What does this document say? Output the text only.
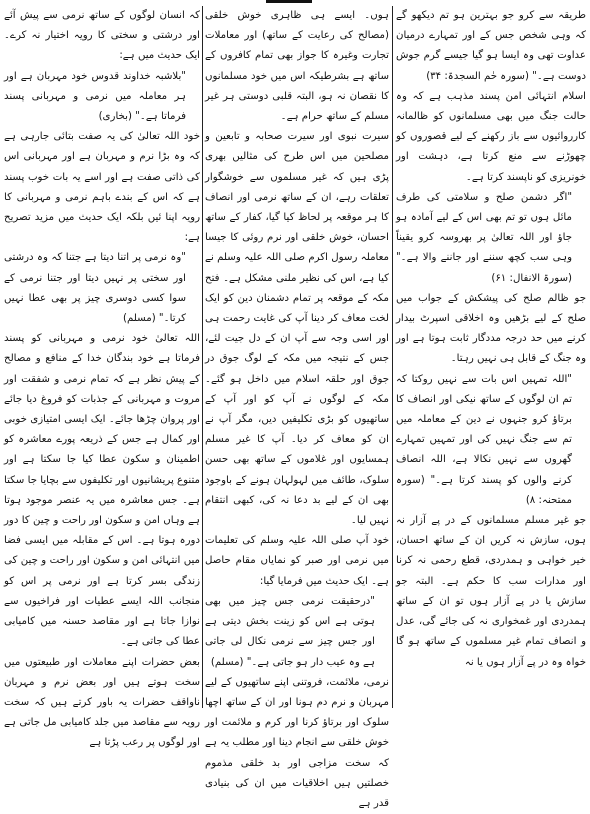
طریقہ سے کرو جو بہترین ہو تم دیکھو گے کہ وہی شخص جس کے اور تمہارے درمیان عداوت تھی وہ ایسا ہو گیا جیسے گرم جوش دوست ہے۔" (سورہ حٰم السجدۃ: ۳۴)

اسلام انتہائی امن پسند مذہب ہے کہ وہ حالت جنگ میں بھی مسلمانوں کو ظالمانہ کارروائیوں سے باز رکھنے کے لیے قصوروں کو چھوڑنے سے منع کرتا ہے، دہشت اور خونریزی کو ناپسند کرتا ہے۔

"اگر دشمن صلح و سلامتی کی طرف مائل ہوں تو تم بھی اس کے لیے آمادہ ہو جاؤ اور اللہ تعالیٰ پر بھروسہ کرو یقیناً وہی سب کچھ سننے اور جاننے والا ہے۔" (سورۃ الانفال: ۶۱)

جو ظالم صلح کی پیشکش کے جواب میں صلح کے لیے بڑھیں وہ اخلاقی اسپرٹ بیدار کرنے میں حد درجہ مددگار ثابت ہوتا ہے اور وہ جنگ کے قابل ہی نہیں رہتا۔

"اللہ تمہیں اس بات سے نہیں روکتا کہ تم ان لوگوں کے ساتھ نیکی اور انصاف کا برتاؤ کرو جنہوں نے دین کے معاملہ میں تم سے جنگ نہیں کی اور تمہیں تمہارے گھروں سے نہیں نکالا ہے، اللہ انصاف کرنے والوں کو پسند کرتا ہے۔" (سورہ ممتحنہ: ۸)

جو غیر مسلم مسلمانوں کے در پے آزار نہ ہوں، سازش نہ کریں ان کے ساتھ احسان، خیر خواہی و ہمدردی، قطع رحمی نہ کرنا اور مدارات سب کا حکم ہے۔ البتہ جو سازش یا در پے آزار ہوں تو ان کے ساتھ ہمدردی اور غمخواری نہ کی جائے گی، عدل و انصاف تمام غیر مسلموں کے ساتھ ہو گا خواہ وہ در پے آزار ہوں یا نہ

ہوں۔ ایسے ہی ظاہری خوش خلقی (مصالح کی رعایت کے ساتھ) اور معاملات تجارت وغیرہ کا جواز بھی تمام کافروں کے ساتھ ہے بشرطیکہ اس میں خود مسلمانوں کا نقصان نہ ہو، البتہ قلبی دوستی ہر غیر مسلم کے ساتھ حرام ہے۔

سیرت نبوی اور سیرت صحابہ و تابعین و مصلحین میں اس طرح کی مثالیں بھری پڑی ہیں کہ غیر مسلموں سے خوشگوار تعلقات رہے، ان کے ساتھ نرمی اور انصاف کا ہر موقعہ پر لحاظ کیا گیا، کفار کے ساتھ احسان، خوش خلقی اور نرم روئی کا جیسا معاملہ رسول اکرم صلی اللہ علیہ وسلم نے کیا ہے، اس کی نظیر ملنی مشکل ہے۔ فتح مکہ کے موقعہ پر تمام دشمنان دین کو ایک لخت معاف کر دینا آپ کی غایت رحمت ہی اور اسی وجہ سے آپ ان کے دل جیت لئے، جس کے نتیجہ میں مکہ کے لوگ جوق در جوق اور حلقہ اسلام میں داخل ہو گئے۔ مکہ کے لوگوں نے آپ کو اور آپ کے ساتھیوں کو بڑی تکلیفیں دیں، مگر آپ نے ان کو معاف کر دیا۔ آپ کا غیر مسلم ہمسایوں اور غلاموں کے ساتھ بھی حسن سلوک، طائف میں لہولہان ہونے کے باوجود بھی ان کے لیے بد دعا نہ کی، کبھی انتقام نہیں لیا۔

خود آپ صلی اللہ علیہ وسلم کی تعلیمات میں نرمی اور صبر کو نمایاں مقام حاصل ہے۔ ایک حدیث میں فرمایا گیا:

"درحقیقت نرمی جس چیز میں بھی ہوتی ہے اس کو زینت بخش دیتی ہے اور جس چیز سے نرمی نکال لی جاتی ہے وہ عیب دار ہو جاتی ہے۔" (مسلم)

نرمی، ملائمت، فروتنی اپنے ساتھیوں کے لیے مہربان و نرم دم ہونا اور ان کے ساتھ اچھا سلوک اور برتاؤ کرنا اور کرم و ملائمت اور خوش خلقی سے انجام دینا اور مطلب یہ ہے کہ سخت مزاجی اور بد خلقی مذموم خصلتیں ہیں اخلاقیات میں ان کی بنیادی قدر ہے

کہ انسان لوگوں کے ساتھ نرمی سے پیش آئے اور درشتی و سختی کا رویہ اختیار نہ کرے۔ ایک حدیث میں ہے:

"بلاشبہ خداوند قدوس خود مہربان ہے اور ہر معاملہ میں نرمی و مہربانی پسند فرماتا ہے۔" (بخاری)

خود اللہ تعالیٰ کی یہ صفت بتائی جارہی ہے کہ وہ بڑا نرم و مہربان ہے اور مہربانی اس کی ذاتی صفت ہے اور اسے یہ بات خوب پسند ہے کہ اس کے بندے باہم نرمی و مہربانی کا رویہ اپنا ئیں بلکہ ایک حدیث میں مزید تصریح ہے:

"وہ نرمی پر اتنا دیتا ہے جتنا کہ وہ درشتی اور سختی پر نہیں دیتا اور جتنا نرمی کے سوا کسی دوسری چیز پر بھی عطا نہیں کرتا۔" (مسلم)

اللہ تعالیٰ خود نرمی و مہربانی کو پسند فرماتا ہے خود بندگان خدا کے منافع و مصالح کے پیش نظر ہے کہ تمام نرمی و شفقت اور مروت و مہربانی کے جذبات کو فروغ دیا جائے اور پروان چڑھا جائے۔ ایک ایسی امتیازی خوبی اور کمال ہے جس کے ذریعہ پورے معاشرہ کو اطمینان و سکون عطا کیا جا سکتا ہے اور متنوع پریشانیوں اور تکلیفوں سے بچایا جا سکتا ہے۔ جس معاشرہ میں یہ عنصر موجود ہوتا ہے وہاں امن و سکون اور راحت و چین کا دور دورہ ہوتا ہے۔ اس کے مقابلہ میں ایسی فضا میں انتہائی امن و سکون اور راحت و چین کی زندگی بسر کرتا ہے اور نرمی پر اس کو منجانب اللہ ایسے عطیات اور فراخیوں سے نوازا جاتا ہے اور مقاصد حسنہ میں کامیابی عطا کی جاتی ہے۔

بعض حضرات اپنے معاملات اور طبیعتوں میں سخت ہوتے ہیں اور بعض نرم و مہربان ناواقف حضرات یہ باور کرتے ہیں کہ سخت رویہ سے مقاصد میں جلد کامیابی مل جاتی ہے اور لوگوں پر رعب پڑتا ہے
